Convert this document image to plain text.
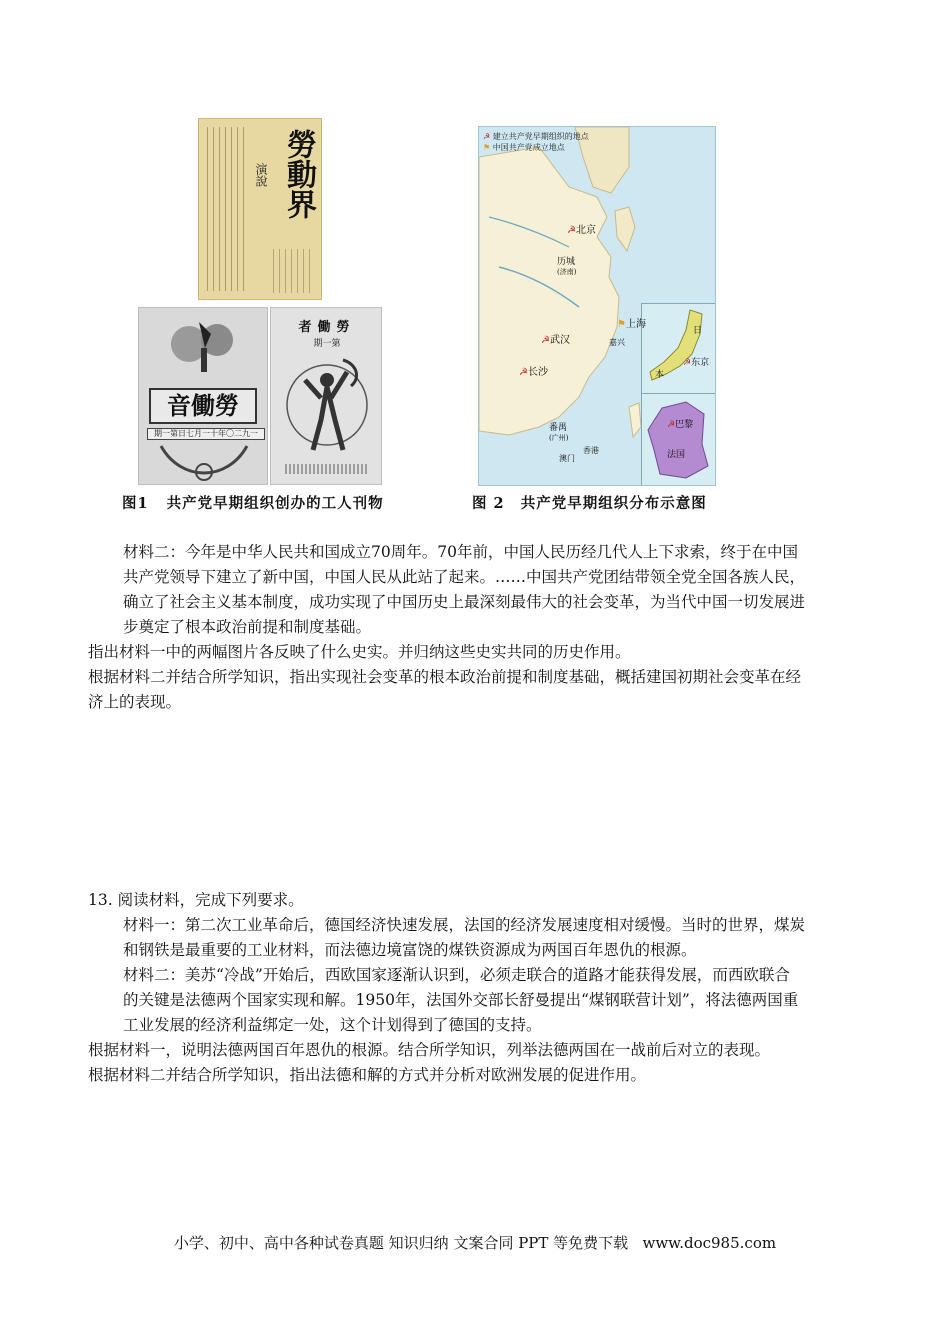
演說 勞動界
音働勞
期一第日七月一十年〇二九一
者働勞
期一第
图1 共产党早期组织创办的工人刊物
☭ 建立共产党早期组织的地点
⚑ 中国共产党成立地点
☭北京
历城
(济南)
⚑上海
嘉兴
☭武汉
☭长沙
番禺
(广州)
香港
澳门
日
☭东京
本
☭巴黎
法国
图 2 共产党早期组织分布示意图
材料二：今年是中华人民共和国成立70周年。70年前，中国人民历经几代人上下求索，终于在中国
共产党领导下建立了新中国，中国人民从此站了起来。……中国共产党团结带领全党全国各族人民，
确立了社会主义基本制度，成功实现了中国历史上最深刻最伟大的社会变革，为当代中国一切发展进
步奠定了根本政治前提和制度基础。
指出材料一中的两幅图片各反映了什么史实。并归纳这些史实共同的历史作用。
根据材料二并结合所学知识，指出实现社会变革的根本政治前提和制度基础，概括建国初期社会变革在经
济上的表现。
13. 阅读材料，完成下列要求。
材料一：第二次工业革命后，德国经济快速发展，法国的经济发展速度相对缓慢。当时的世界，煤炭
和钢铁是最重要的工业材料，而法德边境富饶的煤铁资源成为两国百年恩仇的根源。
材料二：美苏“冷战”开始后，西欧国家逐渐认识到，必须走联合的道路才能获得发展，而西欧联合
的关键是法德两个国家实现和解。1950年，法国外交部长舒曼提出“煤钢联营计划”，将法德两国重
工业发展的经济利益绑定一处，这个计划得到了德国的支持。
根据材料一，说明法德两国百年恩仇的根源。结合所学知识，列举法德两国在一战前后对立的表现。
根据材料二并结合所学知识，指出法德和解的方式并分析对欧洲发展的促进作用。
小学、初中、高中各种试卷真题 知识归纳 文案合同 PPT 等免费下载   www.doc985.com
